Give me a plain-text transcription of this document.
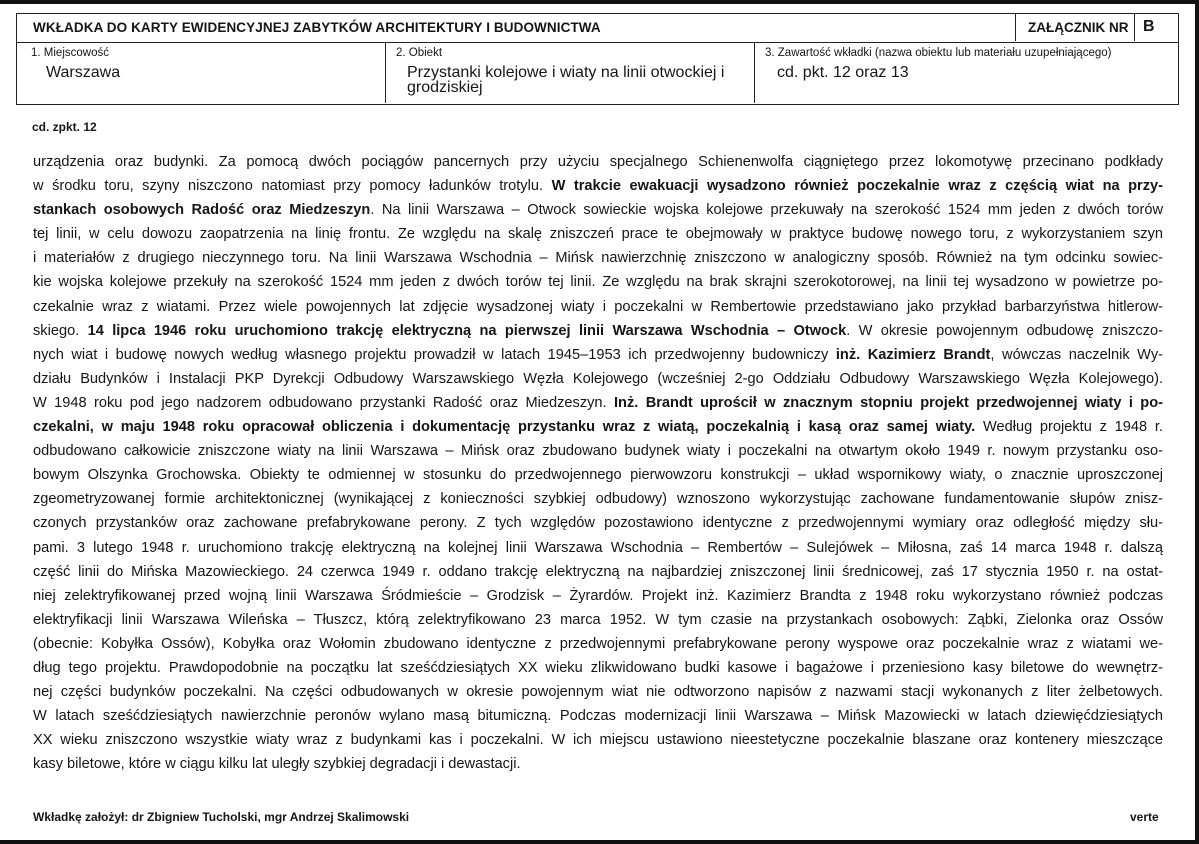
WKŁADKA DO KARTY EWIDENCYJNEJ ZABYTKÓW ARCHITEKTURY I BUDOWNICTWA	ZAŁĄCZNIK NR B
1. Miejscowość
Warszawa
2. Obiekt
Przystanki kolejowe i wiaty na linii otwockiej i grodziskiej
3. Zawartość wkładki (nazwa obiektu lub materiału uzupełniającego)
cd. pkt. 12 oraz 13
cd. zpkt. 12
urządzenia oraz budynki. Za pomocą dwóch pociągów pancernych przy użyciu specjalnego Schienenwolfa ciągniętego przez lokomotywę przecinano podkłady
w środku toru, szyny niszczono natomiast przy pomocy ładunków trotylu. W trakcie ewakuacji wysadzono również poczekalnie wraz z częścią wiat na przy-
stankach osobowych Radość oraz Miedzeszyn. Na linii Warszawa – Otwock sowieckie wojska kolejowe przekuwały na szerokość 1524 mm jeden z dwóch torów
tej linii, w celu dowozu zaopatrzenia na linię frontu. Ze względu na skalę zniszczeń prace te obejmowały w praktyce budowę nowego toru, z wykorzystaniem szyn
i materiałów z drugiego nieczynnego toru. Na linii Warszawa Wschodnia – Mińsk nawierzchnię zniszczono w analogiczny sposób. Również na tym odcinku sowiec-
kie wojska kolejowe przekuły na szerokość 1524 mm jeden z dwóch torów tej linii. Ze względu na brak skrajni szerokotorowej, na linii tej wysadzono w powietrze po-
czekalnie wraz z wiatami. Przez wiele powojennych lat zdjęcie wysadzonej wiaty i poczekalni w Rembertowie przedstawiano jako przykład barbarzyństwa hitlerow-
skiego. 14 lipca 1946 roku uruchomiono trakcję elektryczną na pierwszej linii Warszawa Wschodnia – Otwock. W okresie powojennym odbudowę zniszczo-
nych wiat i budowę nowych według własnego projektu prowadził w latach 1945–1953 ich przedwojenny budowniczy inż. Kazimierz Brandt, wówczas naczelnik Wy-
działu Budynków i Instalacji PKP Dyrekcji Odbudowy Warszawskiego Węzła Kolejowego (wcześniej 2-go Oddziału Odbudowy Warszawskiego Węzła Kolejowego).
W 1948 roku pod jego nadzorem odbudowano przystanki Radość oraz Miedzeszyn. Inż. Brandt uprościł w znacznym stopniu projekt przedwojennej wiaty i po-
czekalni, w maju 1948 roku opracował obliczenia i dokumentację przystanku wraz z wiatą, poczekalnią i kasą oraz samej wiaty. Według projektu z 1948 r.
odbudowano całkowicie zniszczone wiaty na linii Warszawa – Mińsk oraz zbudowano budynek wiaty i poczekalni na otwartym około 1949 r. nowym przystanku oso-
bowym Olszynka Grochowska. Obiekty te odmiennej w stosunku do przedwojennego pierwowzoru konstrukcji – układ wspornikowy wiaty, o znacznie uproszczonej
zgeometryzowanej formie architektonicznej (wynikającej z konieczności szybkiej odbudowy) wznoszono wykorzystując zachowane fundamentowanie słupów znisz-
czonych przystanków oraz zachowane prefabrykowane perony. Z tych względów pozostawiono identyczne z przedwojennymi wymiary oraz odległość między słu-
pami. 3 lutego 1948 r. uruchomiono trakcję elektryczną na kolejnej linii Warszawa Wschodnia – Rembertów – Sulejówek – Miłosna, zaś 14 marca 1948 r. dalszą
część linii do Mińska Mazowieckiego. 24 czerwca 1949 r. oddano trakcję elektryczną na najbardziej zniszczonej linii średnicowej, zaś 17 stycznia 1950 r. na ostat-
niej zelektryfikowanej przed wojną linii Warszawa Śródmieście – Grodzisk – Żyrardów. Projekt inż. Kazimierz Brandta z 1948 roku wykorzystano również podczas
elektryfikacji linii Warszawa Wileńska – Tłuszcz, którą zelektryfikowano 23 marca 1952. W tym czasie na przystankach osobowych: Ząbki, Zielonka oraz Ossów
(obecnie: Kobyłka Ossów), Kobyłka oraz Wołomin zbudowano identyczne z przedwojennymi prefabrykowane perony wyspowe oraz poczekalnie wraz z wiatami we-
dług tego projektu. Prawdopodobnie na początku lat sześćdziesiątych XX wieku zlikwidowano budki kasowe i bagażowe i przeniesiono kasy biletowe do wewnętrz-
nej części budynków poczekalni. Na części odbudowanych w okresie powojennym wiat nie odtworzono napisów z nazwami stacji wykonanych z liter żelbetowych.
W latach sześćdziesiątych nawierzchnie peronów wylano masą bitumiczną. Podczas modernizacji linii Warszawa – Mińsk Mazowiecki w latach dziewięćdziesiątych
XX wieku zniszczono wszystkie wiaty wraz z budynkami kas i poczekalni. W ich miejscu ustawiono nieestetyczne poczekalnie blaszane oraz kontenery mieszczące
kasy biletowe, które w ciągu kilku lat uległy szybkiej degradacji i dewastacji.
Wkładkę założył: dr Zbigniew Tucholski, mgr Andrzej Skalimowski	verte
